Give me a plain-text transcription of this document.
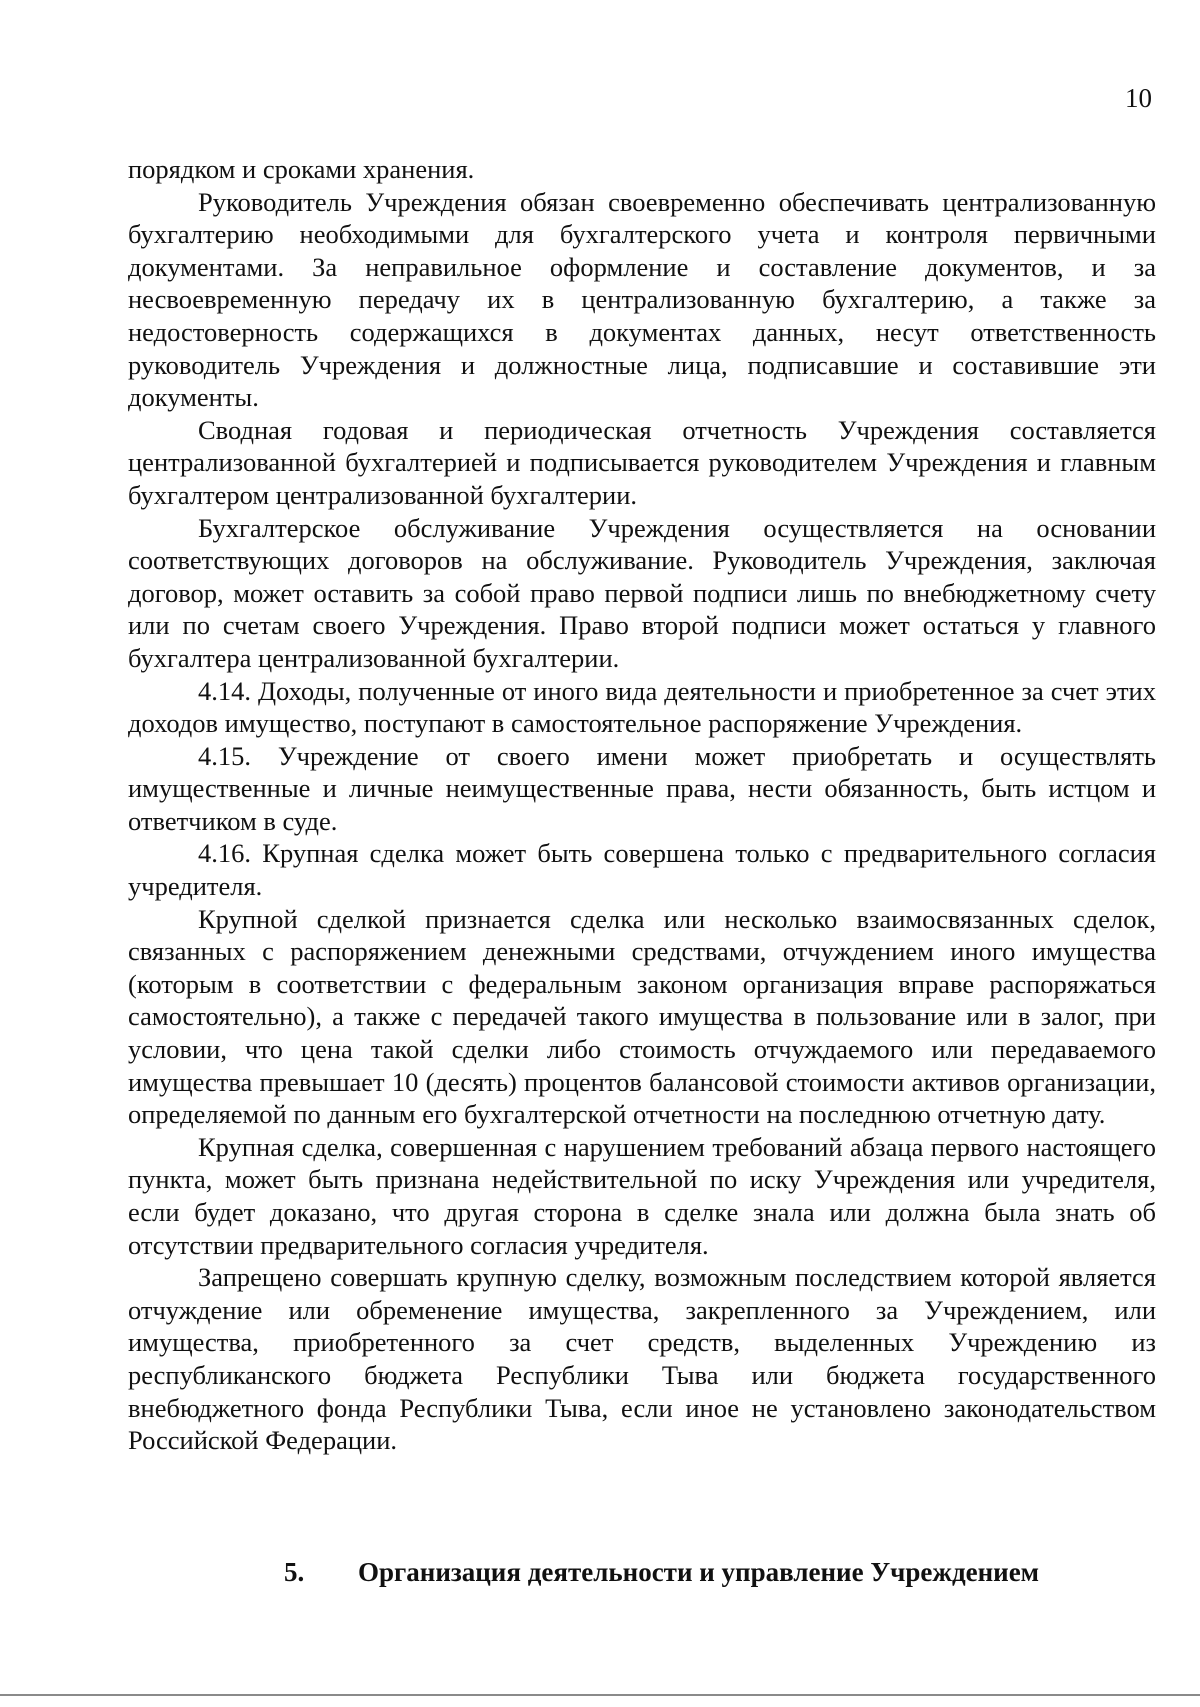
10

порядком и сроками хранения.

Руководитель Учреждения обязан своевременно обеспечивать централизованную бухгалтерию необходимыми для бухгалтерского учета и контроля первичными документами. За неправильное оформление и составление документов, и за несвоевременную передачу их в централизованную бухгалтерию, а также за недостоверность содержащихся в документах данных, несут ответственность руководитель Учреждения и должностные лица, подписавшие и составившие эти документы.

Сводная годовая и периодическая отчетность Учреждения составляется централизованной бухгалтерией и подписывается руководителем Учреждения и главным бухгалтером централизованной бухгалтерии.

Бухгалтерское обслуживание Учреждения осуществляется на основании соответствующих договоров на обслуживание. Руководитель Учреждения, заключая договор, может оставить за собой право первой подписи лишь по внебюджетному счету или по счетам своего Учреждения. Право второй подписи может остаться у главного бухгалтера централизованной бухгалтерии.

4.14. Доходы, полученные от иного вида деятельности и приобретенное за счет этих доходов имущество, поступают в самостоятельное распоряжение Учреждения.

4.15. Учреждение от своего имени может приобретать и осуществлять имущественные и личные неимущественные права, нести обязанность, быть истцом и ответчиком в суде.

4.16. Крупная сделка может быть совершена только с предварительного согласия учредителя.

Крупной сделкой признается сделка или несколько взаимосвязанных сделок, связанных с распоряжением денежными средствами, отчуждением иного имущества (которым в соответствии с федеральным законом организация вправе распоряжаться самостоятельно), а также с передачей такого имущества в пользование или в залог, при условии, что цена такой сделки либо стоимость отчуждаемого или передаваемого имущества превышает 10 (десять) процентов балансовой стоимости активов организации, определяемой по данным его бухгалтерской отчетности на последнюю отчетную дату.

Крупная сделка, совершенная с нарушением требований абзаца первого настоящего пункта, может быть признана недействительной по иску Учреждения или учредителя, если будет доказано, что другая сторона в сделке знала или должна была знать об отсутствии предварительного согласия учредителя.

Запрещено совершать крупную сделку, возможным последствием которой является отчуждение или обременение имущества, закрепленного за Учреждением, или имущества, приобретенного за счет средств, выделенных Учреждению из республиканского бюджета Республики Тыва или бюджета государственного внебюджетного фонда Республики Тыва, если иное не установлено законодательством Российской Федерации.

5. Организация деятельности и управление Учреждением
